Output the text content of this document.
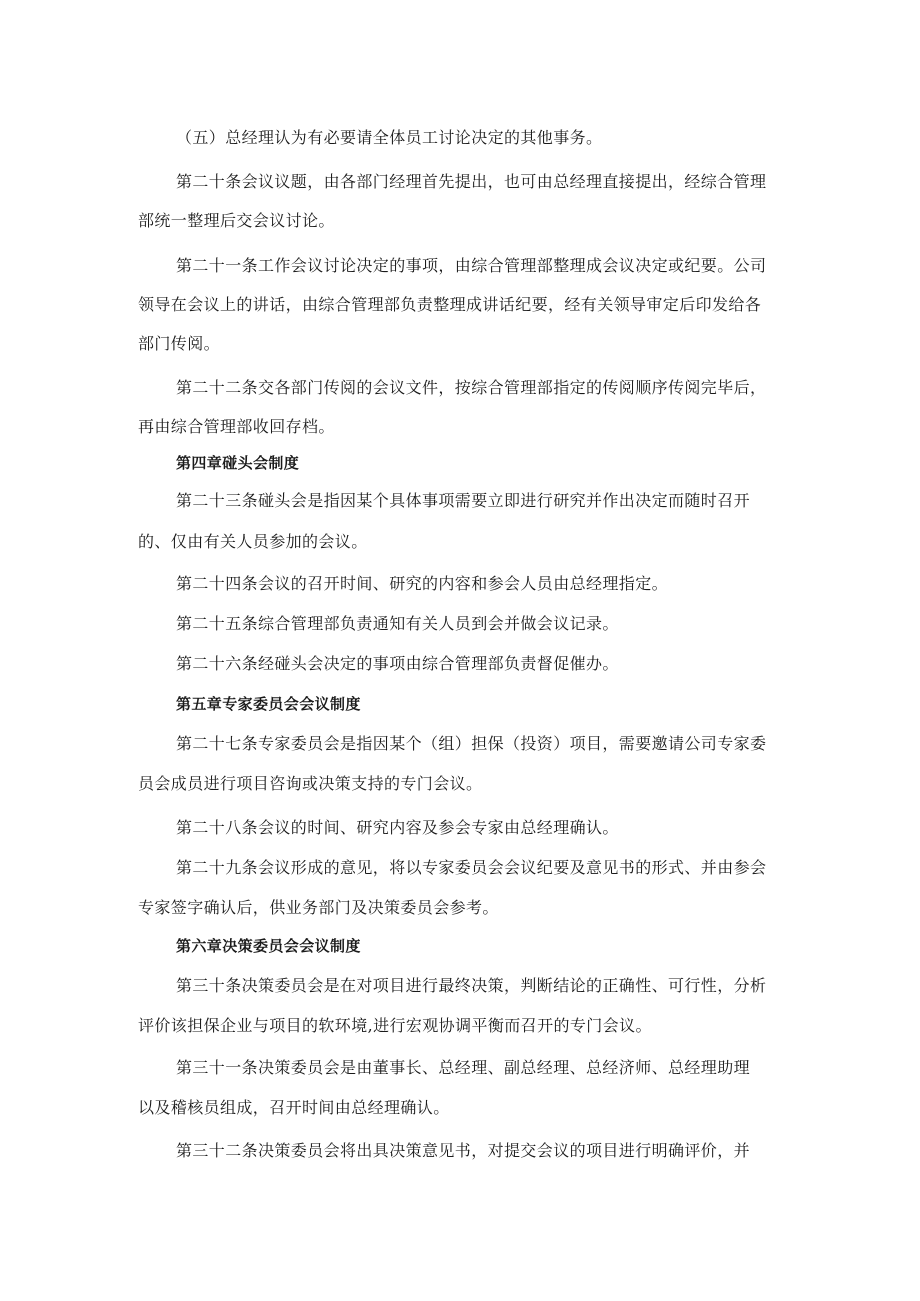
（五）总经理认为有必要请全体员工讨论决定的其他事务。
第二十条会议议题，由各部门经理首先提出，也可由总经理直接提出，经综合管理
部统一整理后交会议讨论。
第二十一条工作会议讨论决定的事项，由综合管理部整理成会议决定或纪要。公司
领导在会议上的讲话，由综合管理部负责整理成讲话纪要，经有关领导审定后印发给各
部门传阅。
第二十二条交各部门传阅的会议文件，按综合管理部指定的传阅顺序传阅完毕后，
再由综合管理部收回存档。
第四章碰头会制度
第二十三条碰头会是指因某个具体事项需要立即进行研究并作出决定而随时召开
的、仅由有关人员参加的会议。
第二十四条会议的召开时间、研究的内容和参会人员由总经理指定。
第二十五条综合管理部负责通知有关人员到会并做会议记录。
第二十六条经碰头会决定的事项由综合管理部负责督促催办。
第五章专家委员会会议制度
第二十七条专家委员会是指因某个（组）担保（投资）项目，需要邀请公司专家委
员会成员进行项目咨询或决策支持的专门会议。
第二十八条会议的时间、研究内容及参会专家由总经理确认。
第二十九条会议形成的意见，将以专家委员会会议纪要及意见书的形式、并由参会
专家签字确认后，供业务部门及决策委员会参考。
第六章决策委员会会议制度
第三十条决策委员会是在对项目进行最终决策，判断结论的正确性、可行性，分析
评价该担保企业与项目的软环境,进行宏观协调平衡而召开的专门会议。
第三十一条决策委员会是由董事长、总经理、副总经理、总经济师、总经理助理
以及稽核员组成，召开时间由总经理确认。
第三十二条决策委员会将出具决策意见书，对提交会议的项目进行明确评价，并
